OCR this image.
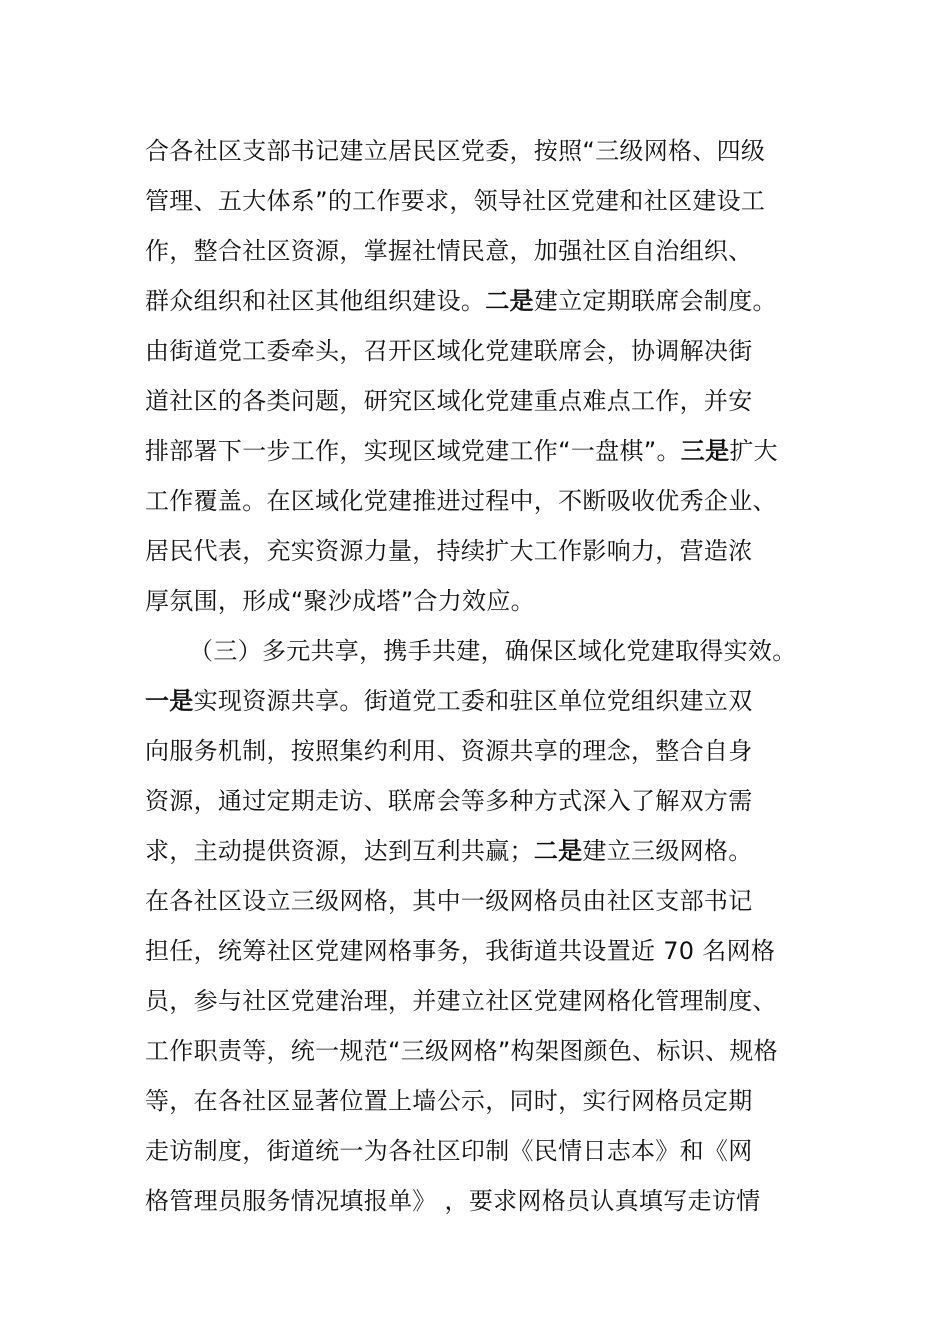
合各社区支部书记建立居民区党委，按照“三级网格、四级
管理、五大体系”的工作要求，领导社区党建和社区建设工
作，整合社区资源，掌握社情民意，加强社区自治组织、
群众组织和社区其他组织建设。二是建立定期联席会制度。
由街道党工委牵头，召开区域化党建联席会，协调解决街
道社区的各类问题，研究区域化党建重点难点工作，并安
排部署下一步工作，实现区域党建工作“一盘棋”。三是扩大
工作覆盖。在区域化党建推进过程中，不断吸收优秀企业、
居民代表，充实资源力量，持续扩大工作影响力，营造浓
厚氛围，形成“聚沙成塔”合力效应。
（三）多元共享，携手共建，确保区域化党建取得实效。
一是实现资源共享。街道党工委和驻区单位党组织建立双
向服务机制，按照集约利用、资源共享的理念，整合自身
资源，通过定期走访、联席会等多种方式深入了解双方需
求，主动提供资源，达到互利共赢；二是建立三级网格。
在各社区设立三级网格，其中一级网格员由社区支部书记
担任，统筹社区党建网格事务，我街道共设置近 70 名网格
员，参与社区党建治理，并建立社区党建网格化管理制度、
工作职责等，统一规范“三级网格”构架图颜色、标识、规格
等，在各社区显著位置上墙公示，同时，实行网格员定期
走访制度，街道统一为各社区印制《民情日志本》和《网
格管理员服务情况填报单》 ，要求网格员认真填写走访情
